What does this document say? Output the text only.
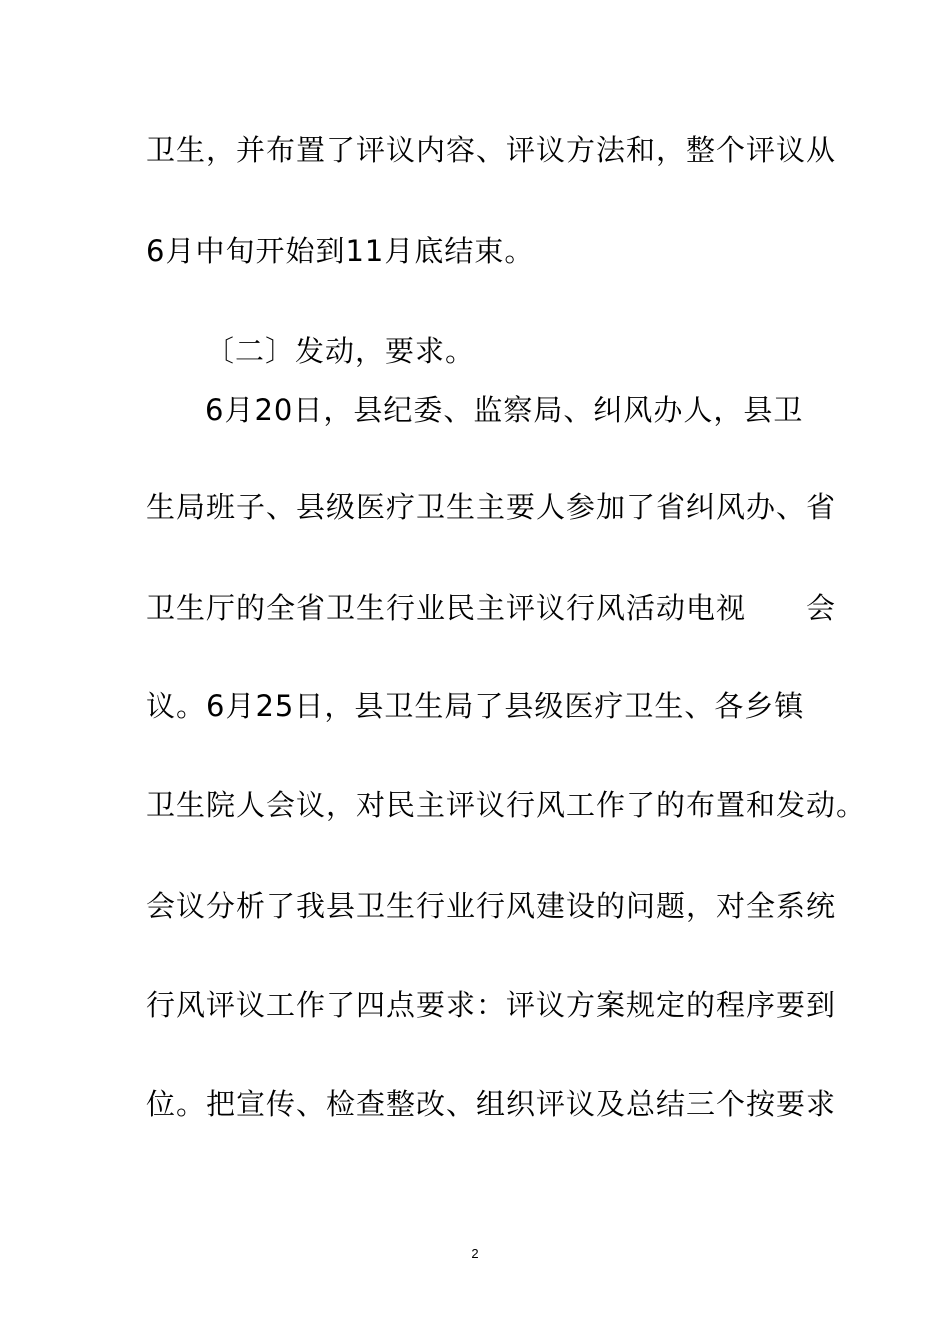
卫生，并布置了评议内容、评议方法和，整个评议从
6月中旬开始到11月底结束。
〔二〕发动，要求。
6月20日，县纪委、监察局、纠风办人，县卫
生局班子、县级医疗卫生主要人参加了省纠风办、省
卫生厅的全省卫生行业民主评议行风活动电视　　会
议。6月25日，县卫生局了县级医疗卫生、各乡镇
卫生院人会议，对民主评议行风工作了的布置和发动。
会议分析了我县卫生行业行风建设的问题，对全系统
行风评议工作了四点要求：评议方案规定的程序要到
位。把宣传、检查整改、组织评议及总结三个按要求
2
